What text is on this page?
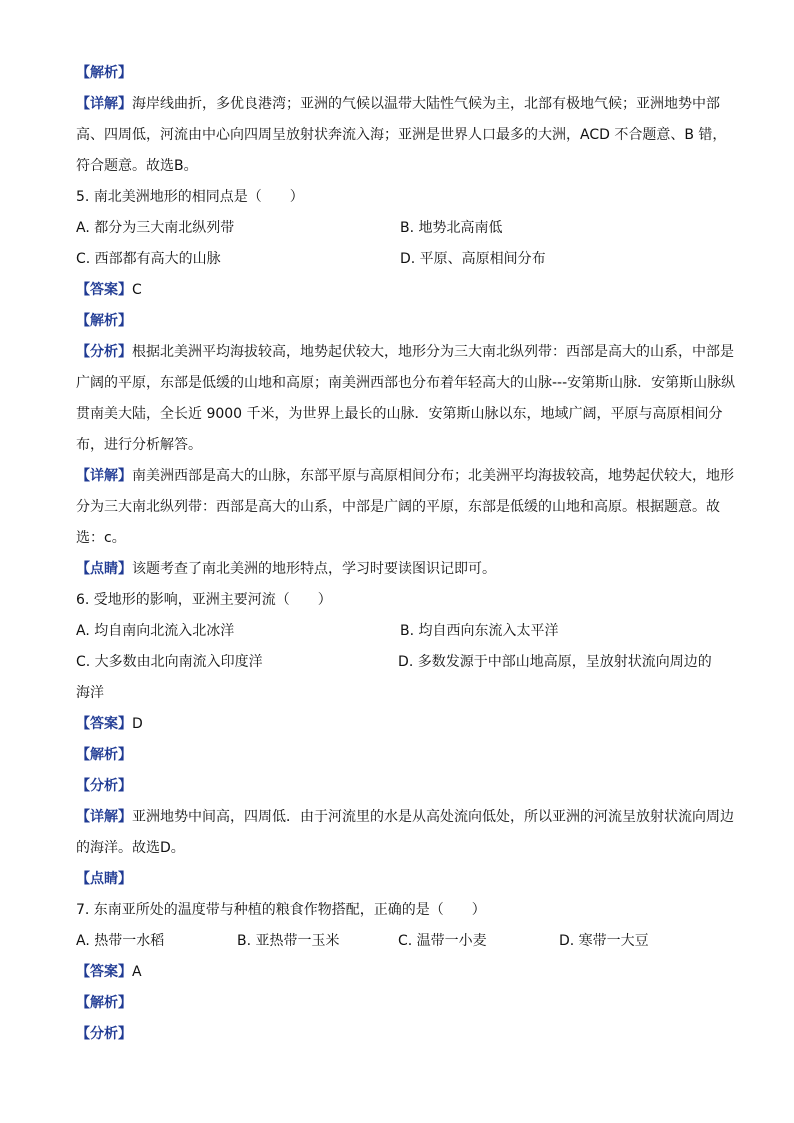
【解析】

【详解】海岸线曲折，多优良港湾；亚洲的气候以温带大陆性气候为主，北部有极地气候；亚洲地势中部高、四周低，河流由中心向四周呈放射状奔流入海；亚洲是世界人口最多的大洲，ACD 不合题意、B 错，符合题意。故选B。

5. 南北美洲地形的相同点是（　　）
A. 都分为三大南北纵列带	B. 地势北高南低
C. 西部都有高大的山脉	D. 平原、高原相间分布
【答案】C
【解析】

【分析】根据北美洲平均海拔较高，地势起伏较大，地形分为三大南北纵列带：西部是高大的山系，中部是广阔的平原，东部是低缓的山地和高原；南美洲西部也分布着年轻高大的山脉---安第斯山脉．安第斯山脉纵贯南美大陆，全长近 9000 千米，为世界上最长的山脉．安第斯山脉以东，地域广阔，平原与高原相间分布，进行分析解答。

【详解】南美洲西部是高大的山脉，东部平原与高原相间分布；北美洲平均海拔较高，地势起伏较大，地形分为三大南北纵列带：西部是高大的山系，中部是广阔的平原，东部是低缓的山地和高原。根据题意。故选：c。

【点睛】该题考查了南北美洲的地形特点，学习时要读图识记即可。

6. 受地形的影响，亚洲主要河流（　　）
A. 均自南向北流入北冰洋	B. 均自西向东流入太平洋
C. 大多数由北向南流入印度洋	D. 多数发源于中部山地高原，呈放射状流向周边的
海洋
【答案】D
【解析】
【分析】

【详解】亚洲地势中间高，四周低．由于河流里的水是从高处流向低处，所以亚洲的河流呈放射状流向周边的海洋。故选D。

【点睛】
7. 东南亚所处的温度带与种植的粮食作物搭配，正确的是（　　）
A. 热带一水稻	B. 亚热带一玉米	C. 温带一小麦	D. 寒带一大豆
【答案】A
【解析】
【分析】
